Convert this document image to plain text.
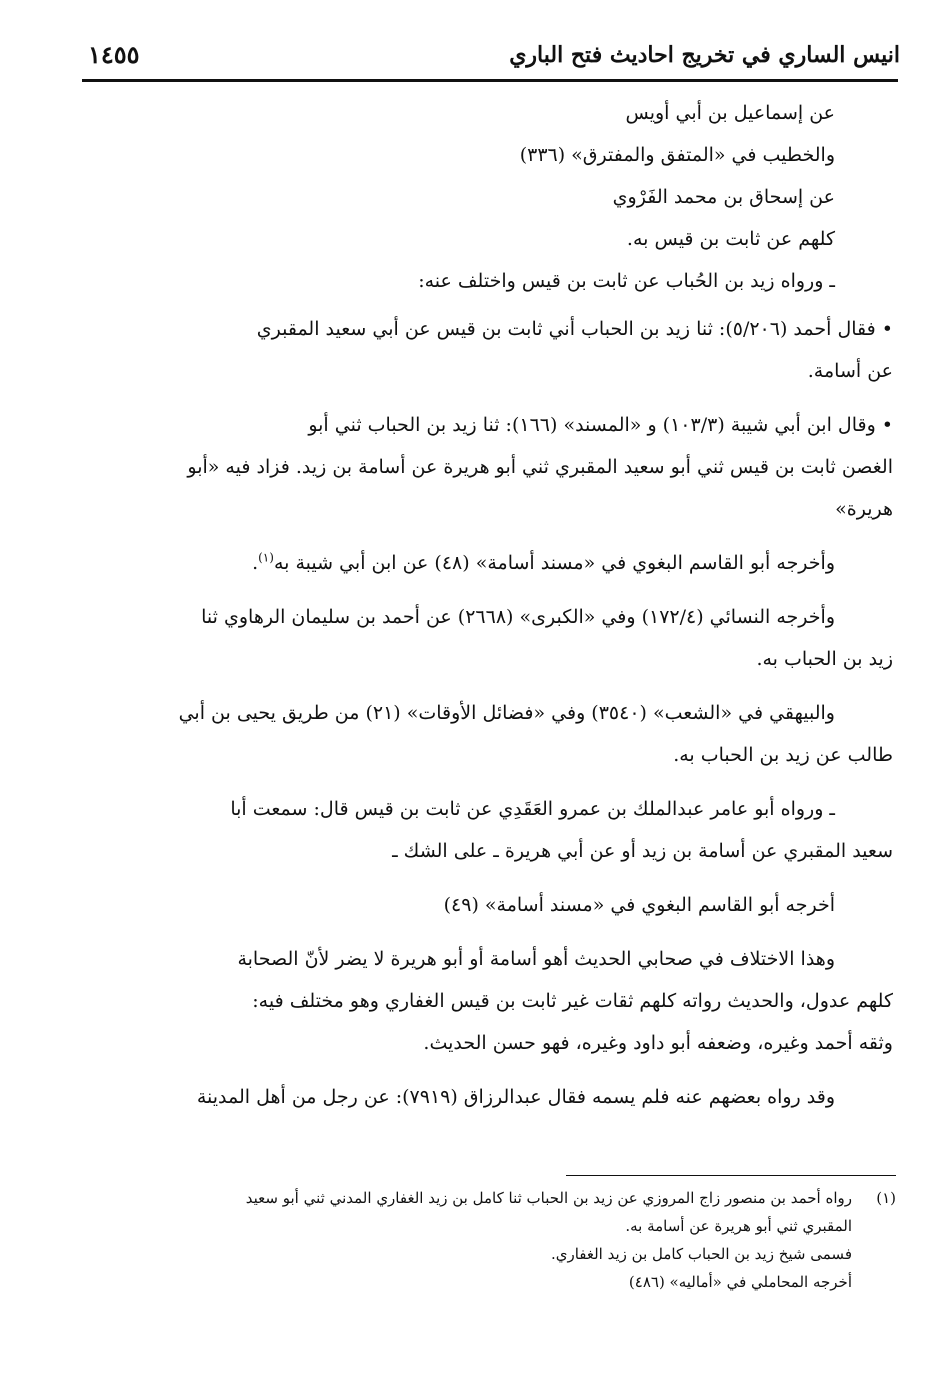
انيس الساري في تخريج احاديث فتح الباري
١٤٥٥
عن إسماعيل بن أبي أويس
والخطيب في «المتفق والمفترق» (٣٣٦)
عن إسحاق بن محمد الفَرْوي
كلهم عن ثابت بن قيس به.
ـ ورواه زيد بن الحُباب عن ثابت بن قيس واختلف عنه:
• فقال أحمد (٥/٢٠٦): ثنا زيد بن الحباب أني ثابت بن قيس عن أبي سعيد المقبري
عن أسامة.
• وقال ابن أبي شيبة (١٠٣/٣) و «المسند» (١٦٦): ثنا زيد بن الحباب ثني أبو
الغصن ثابت بن قيس ثني أبو سعيد المقبري ثني أبو هريرة عن أسامة بن زيد. فزاد فيه «أبو
هريرة»
وأخرجه أبو القاسم البغوي في «مسند أسامة» (٤٨) عن ابن أبي شيبة به$^{(١)}$.
وأخرجه النسائي (١٧٢/٤) وفي «الكبرى» (٢٦٦٨) عن أحمد بن سليمان الرهاوي ثنا
زيد بن الحباب به.
والبيهقي في «الشعب» (٣٥٤٠) وفي «فضائل الأوقات» (٢١) من طريق يحيى بن أبي
طالب عن زيد بن الحباب به.
ـ ورواه أبو عامر عبدالملك بن عمرو العَقَدِي عن ثابت بن قيس قال: سمعت أبا
سعيد المقبري عن أسامة بن زيد أو عن أبي هريرة ـ على الشك ـ
أخرجه أبو القاسم البغوي في «مسند أسامة» (٤٩)
وهذا الاختلاف في صحابي الحديث أهو أسامة أو أبو هريرة لا يضر لأنّ الصحابة
كلهم عدول، والحديث رواته كلهم ثقات غير ثابت بن قيس الغفاري وهو مختلف فيه:
وثقه أحمد وغيره، وضعفه أبو داود وغيره، فهو حسن الحديث.
وقد رواه بعضهم عنه فلم يسمه فقال عبدالرزاق (٧٩١٩): عن رجل من أهل المدينة
(١)رواه أحمد بن منصور زاج المروزي عن زيد بن الحباب ثنا كامل بن زيد الغفاري المدني ثني أبو سعيد
المقبري ثني أبو هريرة عن أسامة به.
فسمى شيخ زيد بن الحباب كامل بن زيد الغفاري.
أخرجه المحاملي في «أماليه» (٤٨٦)
